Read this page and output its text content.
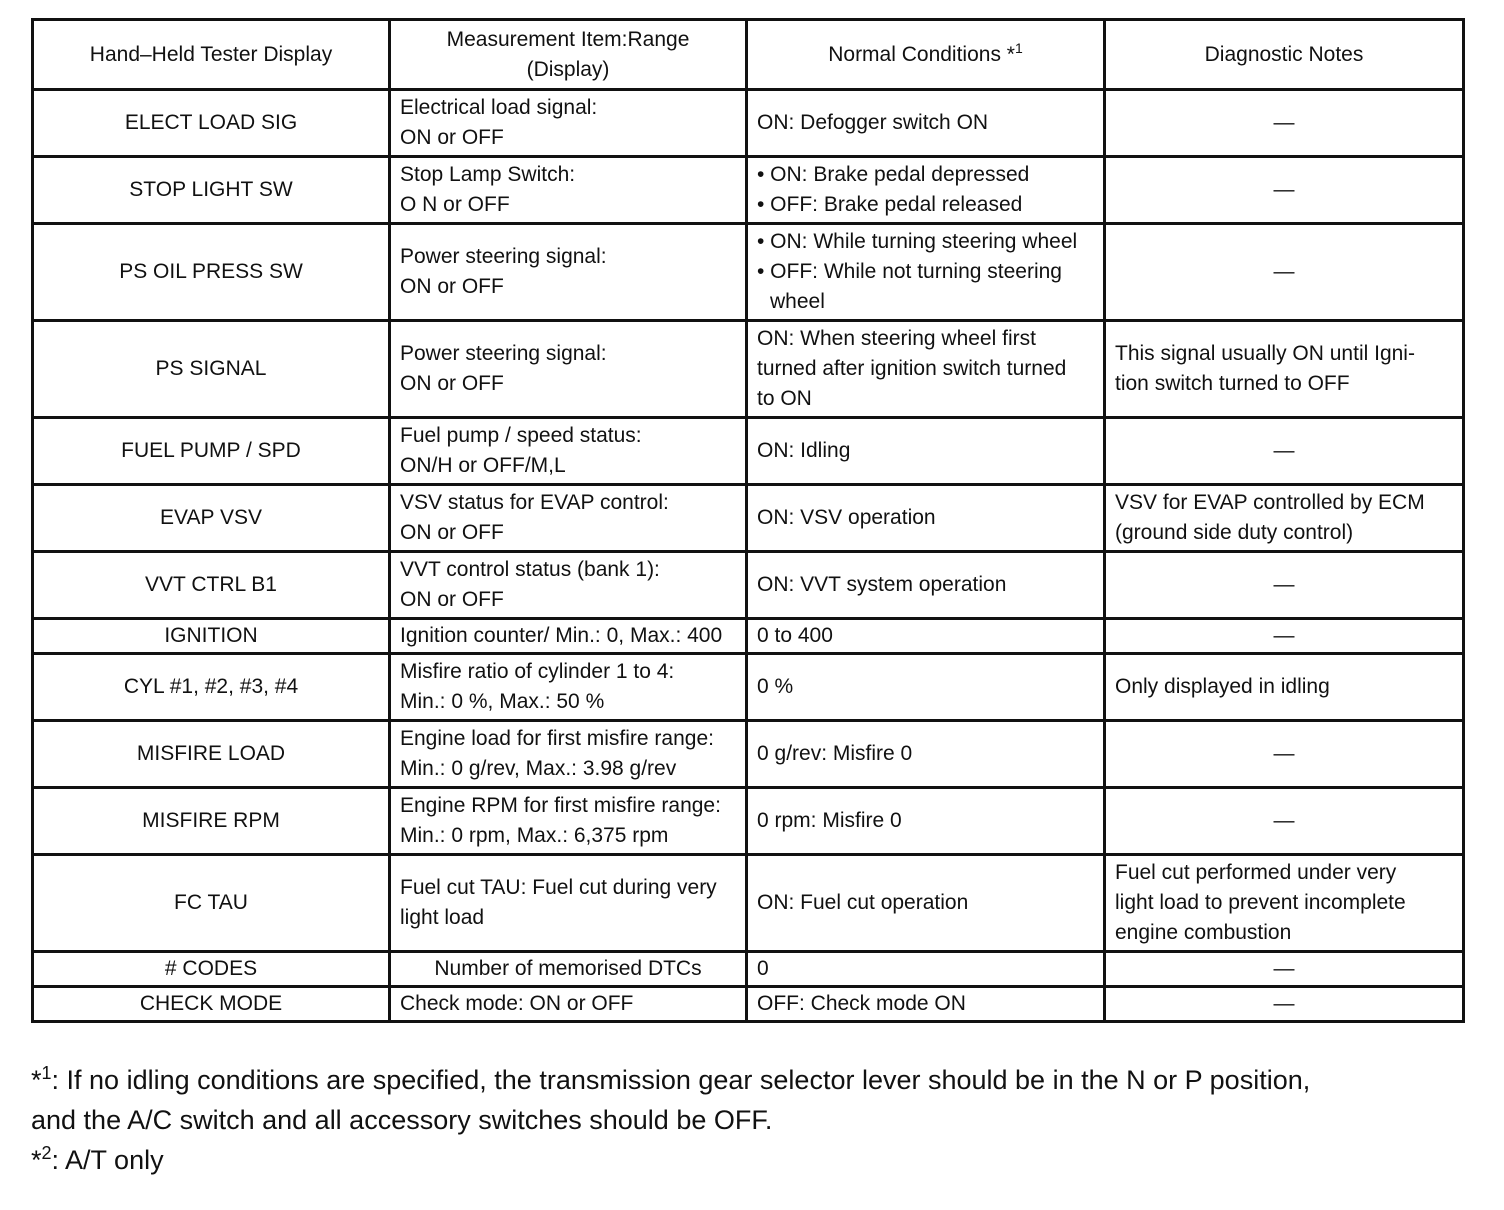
Hand–Held Tester Display	Measurement Item:Range
(Display)	Normal Conditions *$^1$	Diagnostic Notes
ELECT LOAD SIG	Electrical load signal:
ON or OFF	ON: Defogger switch ON	—

STOP LIGHT SW	Stop Lamp Switch:
O N or OFF	• ON: Brake pedal depressed
• OFF: Brake pedal released	—

PS OIL PRESS SW	Power steering signal:
ON or OFF	• ON: While turning steering wheel
• OFF: While not turning steering wheel	—

PS SIGNAL	Power steering signal:
ON or OFF	ON: When steering wheel first
turned after ignition switch turned
to ON	This signal usually ON until Igni-
tion switch turned to OFF

FUEL PUMP / SPD	Fuel pump / speed status:
ON/H or OFF/M,L	ON: Idling	—

EVAP VSV	VSV status for EVAP control:
ON or OFF	ON: VSV operation	VSV for EVAP controlled by ECM
(ground side duty control)

VVT CTRL B1	VVT control status (bank 1):
ON or OFF	ON: VVT system operation	—

IGNITION	Ignition counter/ Min.: 0, Max.: 400	0 to 400	—

CYL #1, #2, #3, #4	Misfire ratio of cylinder 1 to 4:
Min.: 0 %, Max.: 50 %	0 %	Only displayed in idling

MISFIRE LOAD	Engine load for first misfire range:
Min.: 0 g/rev, Max.: 3.98 g/rev	0 g/rev: Misfire 0	—

MISFIRE RPM	Engine RPM for first misfire range:
Min.: 0 rpm, Max.: 6,375 rpm	0 rpm: Misfire 0	—

FC TAU	Fuel cut TAU: Fuel cut during very
light load	ON: Fuel cut operation	Fuel cut performed under very
light load to prevent incomplete
engine combustion

# CODES	Number of memorised DTCs	0	—

CHECK MODE	Check mode: ON or OFF	OFF: Check mode ON	—
*$^1$: If no idling conditions are specified, the transmission gear selector lever should be in the N or P position,
and the A/C switch and all accessory switches should be OFF.
*$^2$: A/T only
